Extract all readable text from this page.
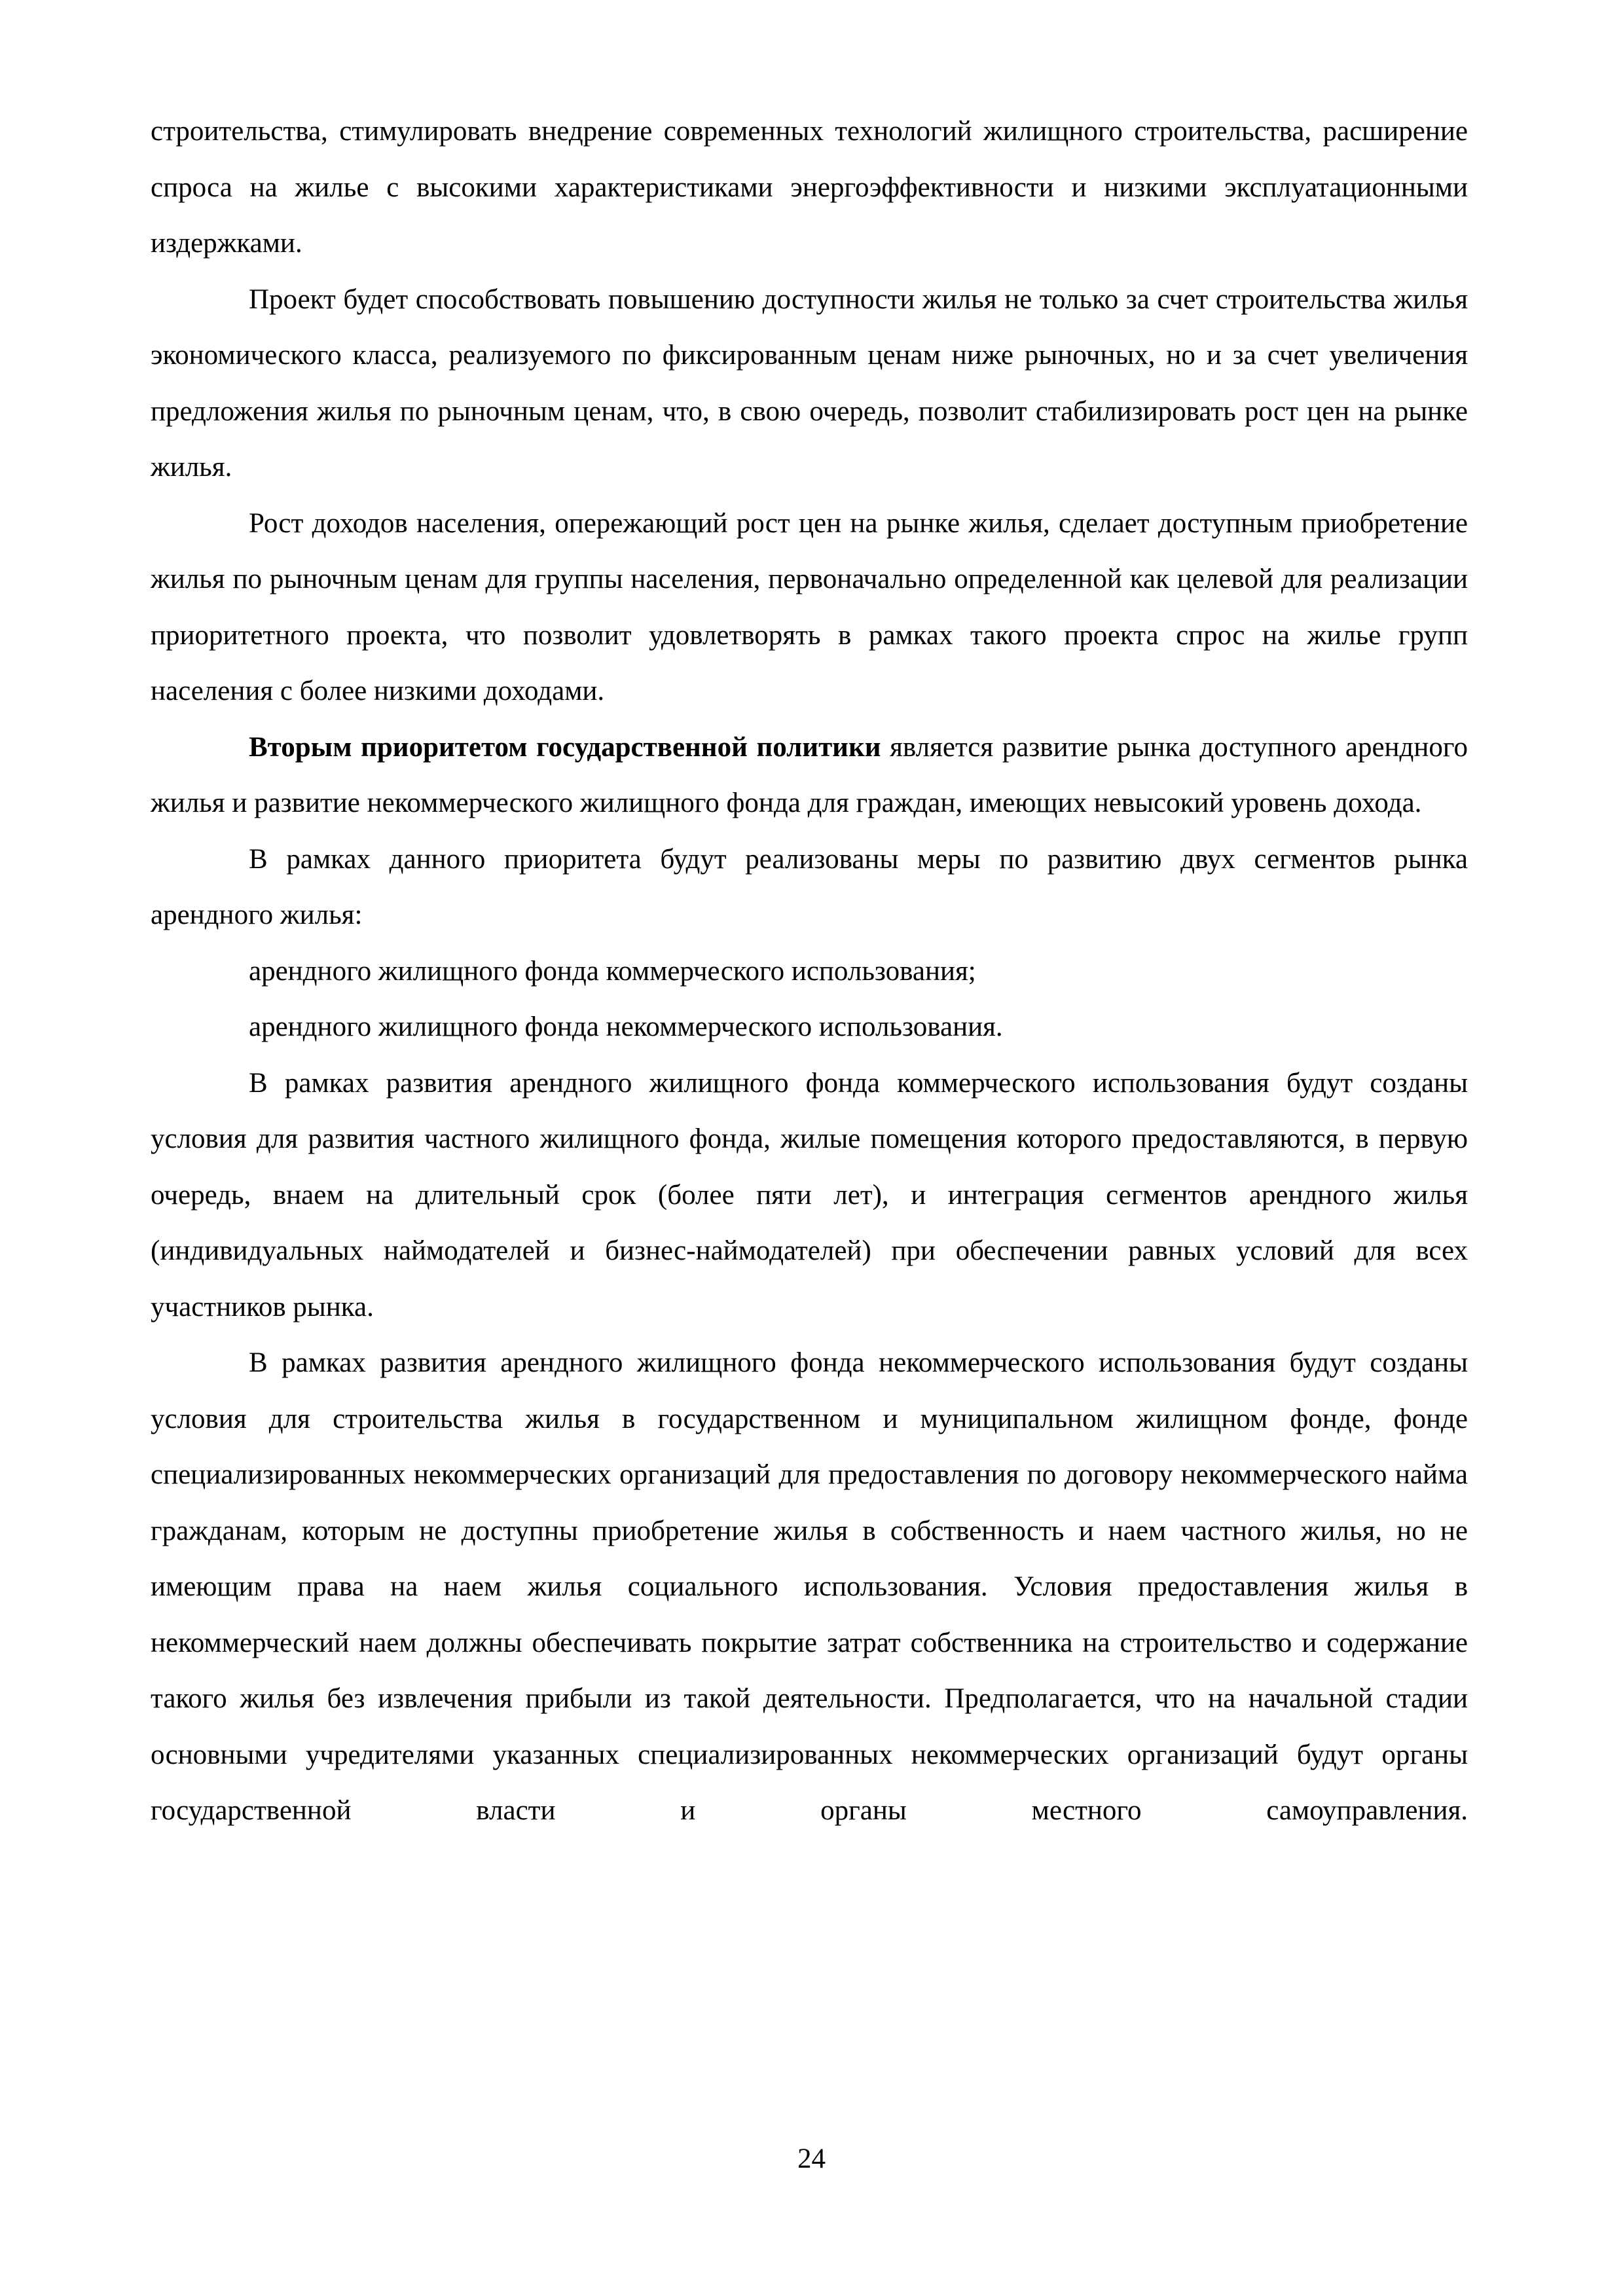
строительства, стимулировать внедрение современных технологий жилищного строительства, расширение спроса на жилье с высокими характеристиками энергоэффективности и низкими эксплуатационными издержками.

Проект будет способствовать повышению доступности жилья не только за счет строительства жилья экономического класса, реализуемого по фиксированным ценам ниже рыночных, но и за счет увеличения предложения жилья по рыночным ценам, что, в свою очередь, позволит стабилизировать рост цен на рынке жилья.

Рост доходов населения, опережающий рост цен на рынке жилья, сделает доступным приобретение жилья по рыночным ценам для группы населения, первоначально определенной как целевой для реализации приоритетного проекта, что позволит удовлетворять в рамках такого проекта спрос на жилье групп населения с более низкими доходами.

Вторым приоритетом государственной политики является развитие рынка доступного арендного жилья и развитие некоммерческого жилищного фонда для граждан, имеющих невысокий уровень дохода.

В рамках данного приоритета будут реализованы меры по развитию двух сегментов рынка арендного жилья:

арендного жилищного фонда коммерческого использования;

арендного жилищного фонда некоммерческого использования.

В рамках развития арендного жилищного фонда коммерческого использования будут созданы условия для развития частного жилищного фонда, жилые помещения которого предоставляются, в первую очередь, внаем на длительный срок (более пяти лет), и интеграция сегментов арендного жилья (индивидуальных наймодателей и бизнес-наймодателей) при обеспечении равных условий для всех участников рынка.

В рамках развития арендного жилищного фонда некоммерческого использования будут созданы условия для строительства жилья в государственном и муниципальном жилищном фонде, фонде специализированных некоммерческих организаций для предоставления по договору некоммерческого найма гражданам, которым не доступны приобретение жилья в собственность и наем частного жилья, но не имеющим права на наем жилья социального использования. Условия предоставления жилья в некоммерческий наем должны обеспечивать покрытие затрат собственника на строительство и содержание такого жилья без извлечения прибыли из такой деятельности. Предполагается, что на начальной стадии основными учредителями указанных специализированных некоммерческих организаций будут органы государственной власти и органы местного самоуправления.

24
